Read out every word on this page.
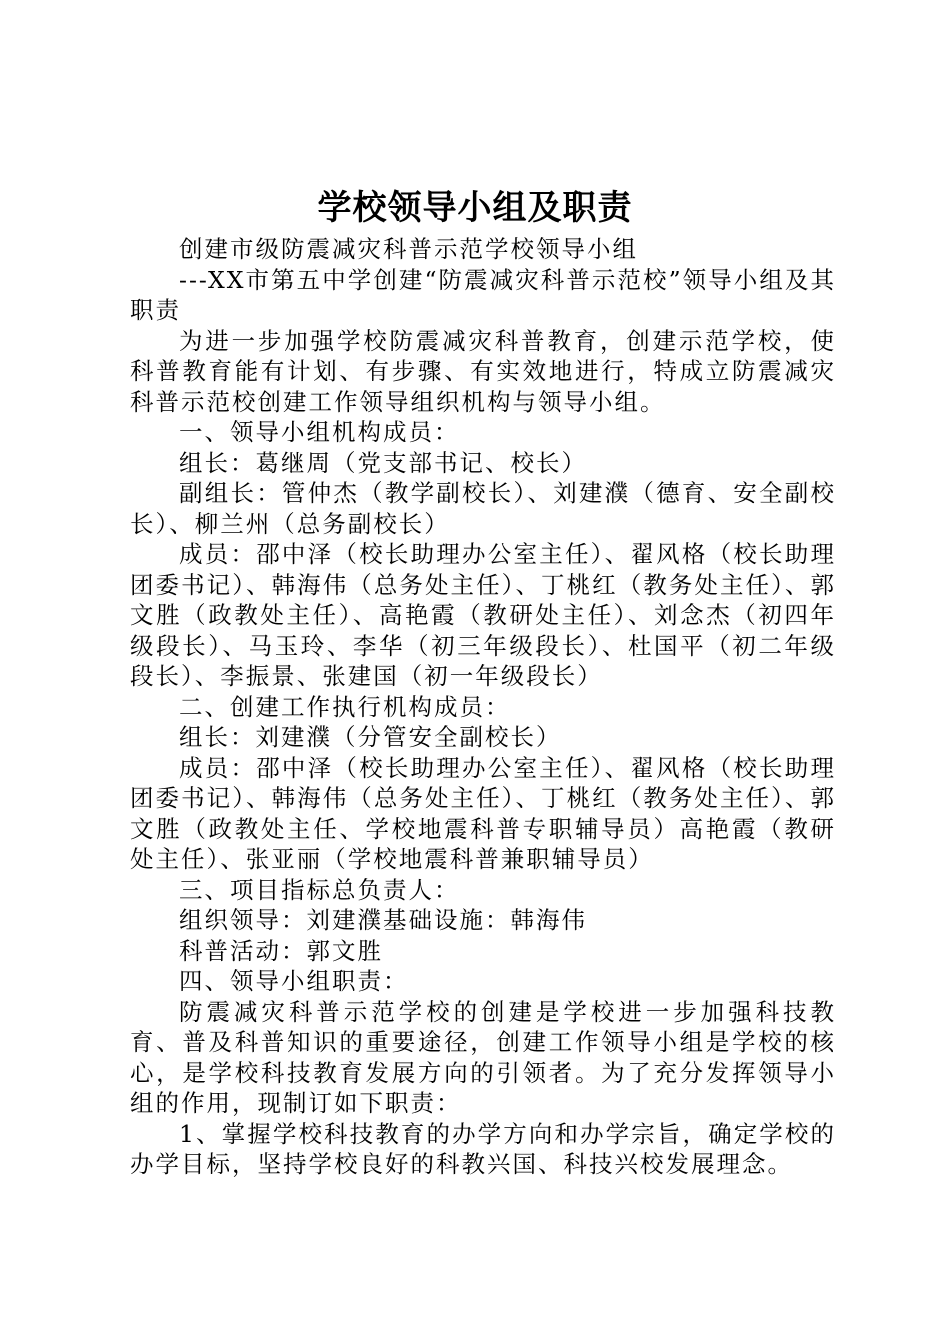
学校领导小组及职责

创建市级防震减灾科普示范学校领导小组

---XX市第五中学创建“防震减灾科普示范校”领导小组及其职责

为进一步加强学校防震减灾科普教育，创建示范学校，使科普教育能有计划、有步骤、有实效地进行，特成立防震减灾科普示范校创建工作领导组织机构与领导小组。

一、领导小组机构成员：

组长：葛继周（党支部书记、校长）

副组长：管仲杰（教学副校长）、刘建濮（德育、安全副校长）、柳兰州（总务副校长）

成员：邵中泽（校长助理办公室主任）、翟风格（校长助理团委书记）、韩海伟（总务处主任）、丁桃红（教务处主任）、郭文胜（政教处主任）、高艳霞（教研处主任）、刘念杰（初四年级段长）、马玉玲、李华（初三年级段长）、杜国平（初二年级段长）、李振景、张建国（初一年级段长）

二、创建工作执行机构成员：

组长：刘建濮（分管安全副校长）

成员：邵中泽（校长助理办公室主任）、翟风格（校长助理团委书记）、韩海伟（总务处主任）、丁桃红（教务处主任）、郭文胜（政教处主任、学校地震科普专职辅导员）高艳霞（教研处主任）、张亚丽（学校地震科普兼职辅导员）

三、项目指标总负责人：

组织领导：刘建濮基础设施：韩海伟

科普活动：郭文胜

四、领导小组职责：

防震减灾科普示范学校的创建是学校进一步加强科技教育、普及科普知识的重要途径，创建工作领导小组是学校的核心，是学校科技教育发展方向的引领者。为了充分发挥领导小组的作用，现制订如下职责：

1、掌握学校科技教育的办学方向和办学宗旨，确定学校的办学目标，坚持学校良好的科教兴国、科技兴校发展理念。
